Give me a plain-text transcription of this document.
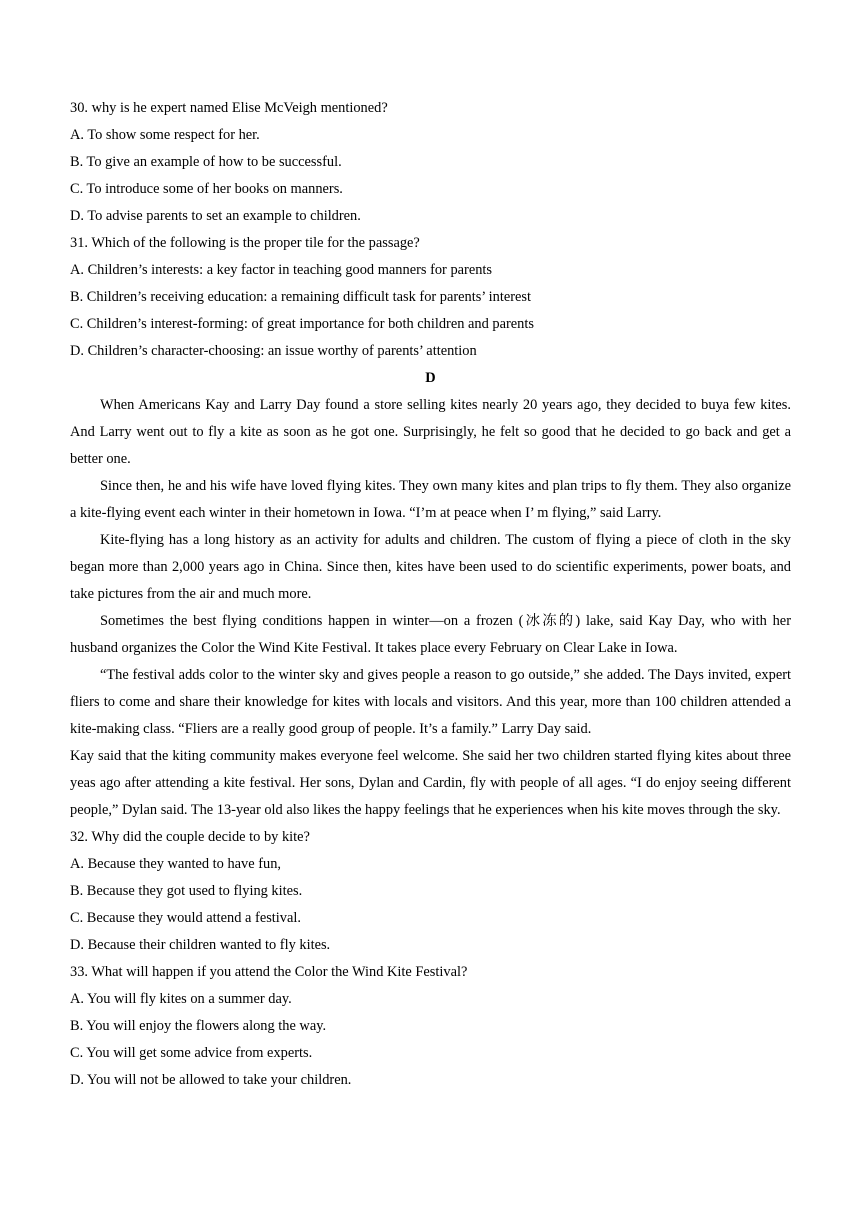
30. why is he expert named Elise McVeigh mentioned?

A. To show some respect for her.

B. To give an example of how to be successful.

C. To introduce some of her books on manners.

D. To advise parents to set an example to children.

31. Which of the following is the proper tile for the passage?

A. Children’s interests: a key factor in teaching good manners for parents

B. Children’s receiving education: a remaining difficult task for parents’ interest

C. Children’s interest-forming: of great importance for both children and parents

D. Children’s character-choosing: an issue worthy of parents’ attention

D

When Americans Kay and Larry Day found a store selling kites nearly 20 years ago, they decided to buya few kites. And Larry went out to fly a kite as soon as he got one. Surprisingly, he felt so good that he decided to go back and get a better one.

Since then, he and his wife have loved flying kites. They own many kites and plan trips to fly them. They also organize a kite-flying event each winter in their hometown in Iowa. “I’m at peace when I’ m flying,” said Larry.

Kite-flying has a long history as an activity for adults and children. The custom of flying a piece of cloth in the sky began more than 2,000 years ago in China. Since then, kites have been used to do scientific experiments, power boats, and take pictures from the air and much more.

Sometimes the best flying conditions happen in winter—on a frozen (冰冻的) lake, said Kay Day, who with her husband organizes the Color the Wind Kite Festival. It takes place every February on Clear Lake in Iowa.

“The festival adds color to the winter sky and gives people a reason to go outside,” she added. The Days invited, expert fliers to come and share their knowledge for kites with locals and visitors. And this year, more than 100 children attended a kite-making class. “Fliers are a really good group of people. It’s a family.” Larry Day said.

Kay said that the kiting community makes everyone feel welcome. She said her two children started flying kites about three yeas ago after attending a kite festival. Her sons, Dylan and Cardin, fly with people of all ages. “I do enjoy seeing different people,” Dylan said. The 13-year old also likes the happy feelings that he experiences when his kite moves through the sky.

32. Why did the couple decide to by kite?

A. Because they wanted to have fun,

B. Because they got used to flying kites.

C. Because they would attend a festival.

D. Because their children wanted to fly kites.

33. What will happen if you attend the Color the Wind Kite Festival?

A. You will fly kites on a summer day.

B. You will enjoy the flowers along the way.

C. You will get some advice from experts.

D. You will not be allowed to take your children.
